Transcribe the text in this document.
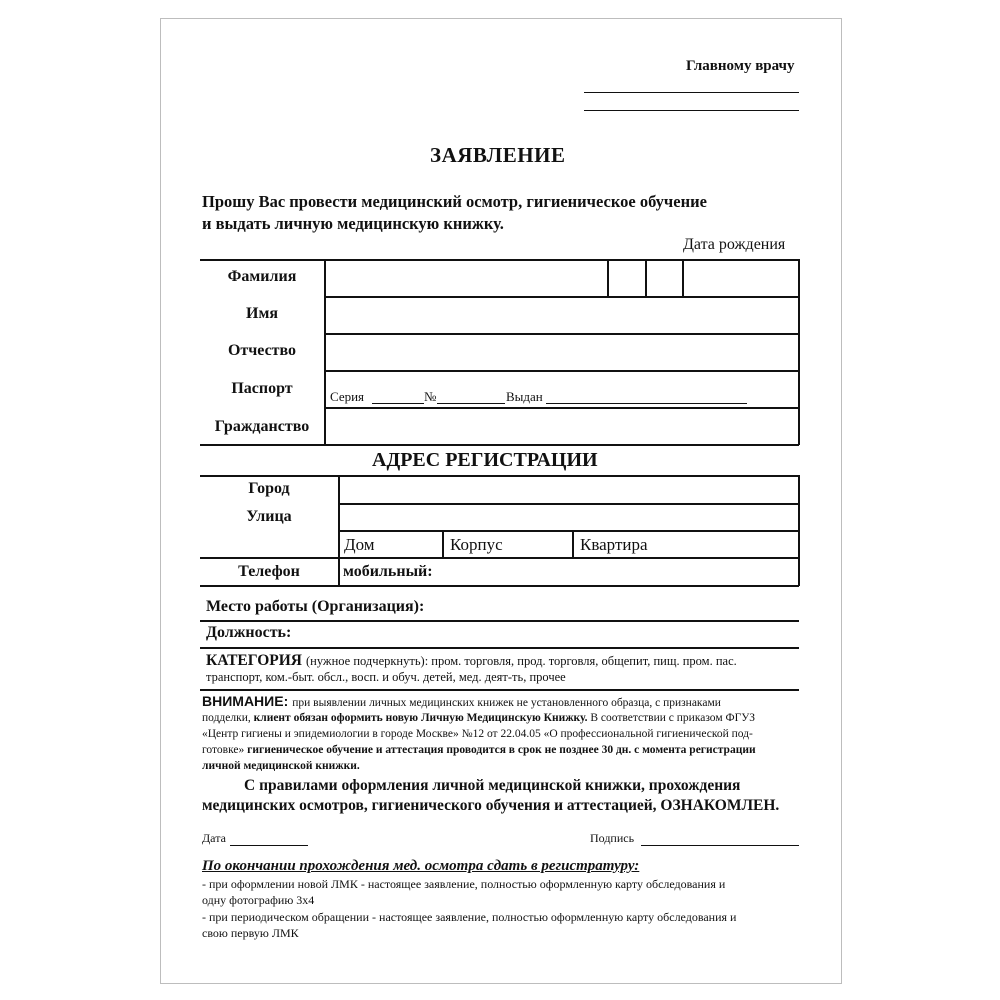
Главному врачу
ЗАЯВЛЕНИЕ
Прошу Вас провести медицинский осмотр, гигиеническое обучение
и выдать личную медицинскую книжку.
Дата рождения
Фамилия
Имя
Отчество
Паспорт	Серия	№	Выдан
Гражданство
АДРЕС РЕГИСТРАЦИИ
Город
Улица
Дом	Корпус	Квартира
Телефон	мобильный:
Место работы (Организация):
Должность:
КАТЕГОРИЯ (нужное подчеркнуть): пром. торговля, прод. торговля, общепит, пищ. пром. пас.
транспорт, ком.-быт. обсл., восп. и обуч. детей, мед. деят-ть, прочее
ВНИМАНИЕ: при выявлении личных медицинских книжек не установленного образца, с признаками
подделки, клиент обязан оформить новую Личную Медицинскую Книжку. В соответствии с приказом ФГУЗ
«Центр гигиены и эпидемиологии в городе Москве» №12 от 22.04.05 «О профессиональной гигиенической под-
готовке» гигиеническое обучение и аттестация проводится в срок не позднее 30 дн. с момента регистрации
личной медицинской книжки.
С правилами оформления личной медицинской книжки, прохождения
медицинских осмотров, гигиенического обучения и аттестацией, ОЗНАКОМЛЕН.
Дата	Подпись
По окончании прохождения мед. осмотра сдать в регистратуру:
- при оформлении новой ЛМК - настоящее заявление, полностью оформленную карту обследования и
одну фотографию 3х4
- при периодическом обращении - настоящее заявление, полностью оформленную карту обследования и
свою первую ЛМК
